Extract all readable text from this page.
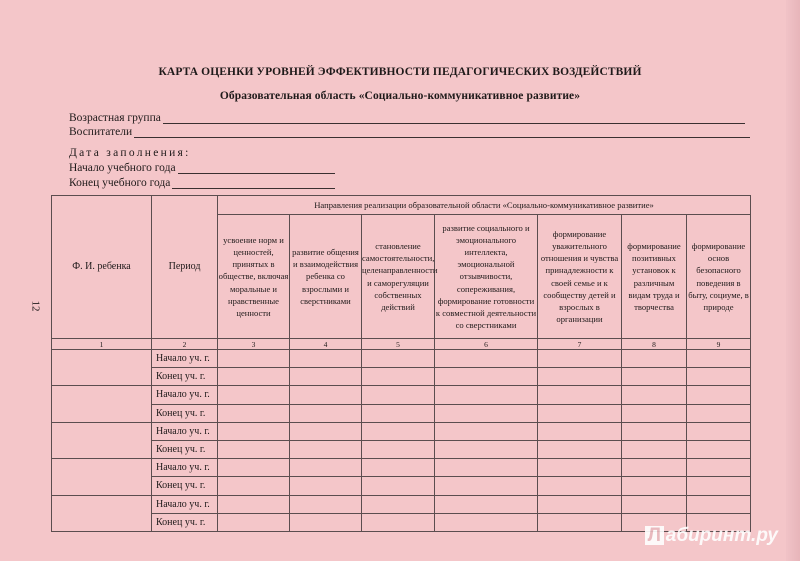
12
КАРТА ОЦЕНКИ УРОВНЕЙ ЭФФЕКТИВНОСТИ ПЕДАГОГИЧЕСКИХ ВОЗДЕЙСТВИЙ
Образовательная область «Социально-коммуникативное развитие»
Возрастная группа
Воспитатели
Дата заполнения:
Начало учебного года
Конец учебного года
Ф. И. ребенка	Период	Направления реализации образовательной области «Социально-коммуникативное развитие»						
		усвоение норм и ценностей, принятых в обществе, включая моральные и нравственные ценности	развитие общения и взаимодействия ребенка со взрослыми и сверстниками	становление самостоятельности, целенаправленности и саморегуляции собственных действий	развитие социального и эмоционального интеллекта, эмоциональной отзывчивости, сопереживания, формирование готовности к совместной деятельности со сверстниками	формирование уважительного отношения и чувства принадлежности к своей семье и к сообществу детей и взрослых в организации	формирование позитивных установок к различным видам труда и творчества	формирование основ безопасного поведения в быту, социуме, в природе
1	2	3	4	5	6	7	8	9
	Начало уч. г.							
	Конец уч. г.							
	Начало уч. г.							
	Конец уч. г.							
	Начало уч. г.							
	Конец уч. г.							
	Начало уч. г.							
	Конец уч. г.							
	Начало уч. г.							
	Конец уч. г.							
Л абиринт.ру
